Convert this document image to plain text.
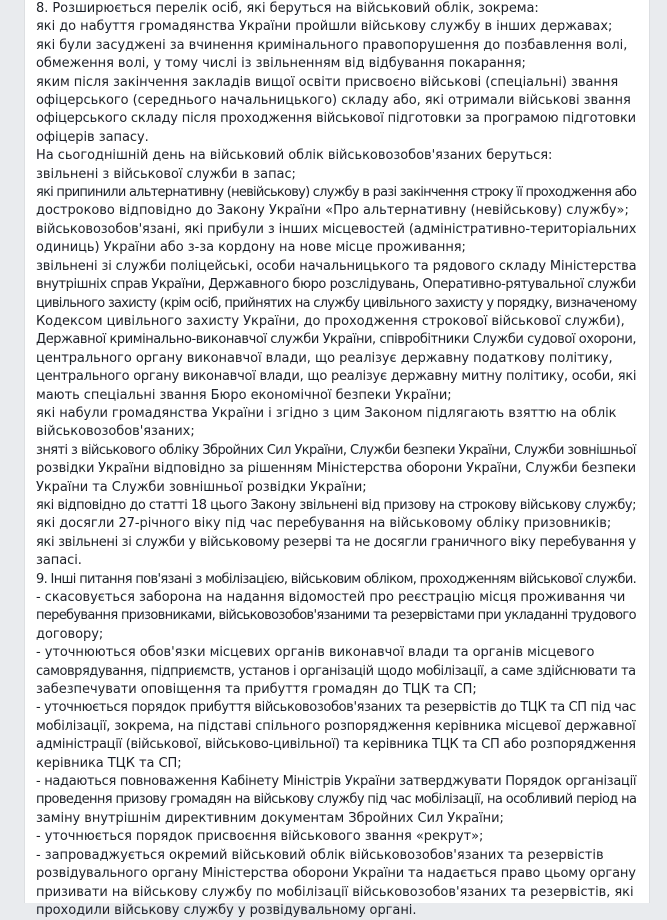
8. Розширюється перелік осіб, які беруться на військовий облік, зокрема:

які до набуття громадянства України пройшли військову службу в інших державах;

які були засуджені за вчинення кримінального правопорушення до позбавлення волі,

обмеження волі, у тому числі із звільненням від відбування покарання;

яким після закінчення закладів вищої освіти присвоєно військові (спеціальні) звання

офіцерського (середнього начальницького) складу або, які отримали військові звання

офіцерського складу після проходження військової підготовки за програмою підготовки

офіцерів запасу.

На сьогоднішній день на військовий облік військовозобов'язаних беруться:

звільнені з військової служби в запас;

які припинили альтернативну (невійськову) службу в разі закінчення строку її проходження або

достроково відповідно до Закону України «Про альтернативну (невійськову) службу»;

військовозобов'язані, які прибули з інших місцевостей (адміністративно-територіальних

одиниць) України або з-за кордону на нове місце проживання;

звільнені зі служби поліцейські, особи начальницького та рядового складу Міністерства

внутрішніх справ України, Державного бюро розслідувань, Оперативно-рятувальної служби

цивільного захисту (крім осіб, прийнятих на службу цивільного захисту у порядку, визначеному

Кодексом цивільного захисту України, до проходження строкової військової служби),

Державної кримінально-виконавчої служби України, співробітники Служби судової охорони,

центрального органу виконавчої влади, що реалізує державну податкову політику,

центрального органу виконавчої влади, що реалізує державну митну політику, особи, які

мають спеціальні звання Бюро економічної безпеки України;

які набули громадянства України і згідно з цим Законом підлягають взяттю на облік

військовозобов'язаних;

зняті з військового обліку Збройних Сил України, Служби безпеки України, Служби зовнішньої

розвідки України відповідно за рішенням Міністерства оборони України, Служби безпеки

України та Служби зовнішньої розвідки України;

які відповідно до статті 18 цього Закону звільнені від призову на строкову військову службу;

які досягли 27-річного віку під час перебування на військовому обліку призовників;

які звільнені зі служби у військовому резерві та не досягли граничного віку перебування у

запасі.

9. Інші питання пов'язані з мобілізацією, військовим обліком, проходженням військової служби.

- скасовується заборона на надання відомостей про реєстрацію місця проживання чи

перебування призовниками, військовозобов'язаними та резервістами при укладанні трудового

договору;

- уточнюються обов'язки місцевих органів виконавчої влади та органів місцевого

самоврядування, підприємств, установ і організацій щодо мобілізації, а саме здійснювати та

забезпечувати оповіщення та прибуття громадян до ТЦК та СП;

- уточнюється порядок прибуття військовозобов'язаних та резервістів до ТЦК та СП під час

мобілізації, зокрема, на підставі спільного розпорядження керівника місцевої державної

адміністрації (військової, військово-цивільної) та керівника ТЦК та СП або розпорядження

керівника ТЦК та СП;

- надаються повноваження Кабінету Міністрів України затверджувати Порядок організації

проведення призову громадян на військову службу під час мобілізації, на особливий період на

заміну внутрішнім директивним документам Збройних Сил України;

- уточнюється порядок присвоєння військового звання «рекрут»;

- запроваджується окремий військовий облік військовозобов'язаних та резервістів

розвідувального органу Міністерства оборони України та надається право цьому органу

призивати на військову службу по мобілізації військовозобов'язаних та резервістів, які

проходили військову службу у розвідувальному органі.
